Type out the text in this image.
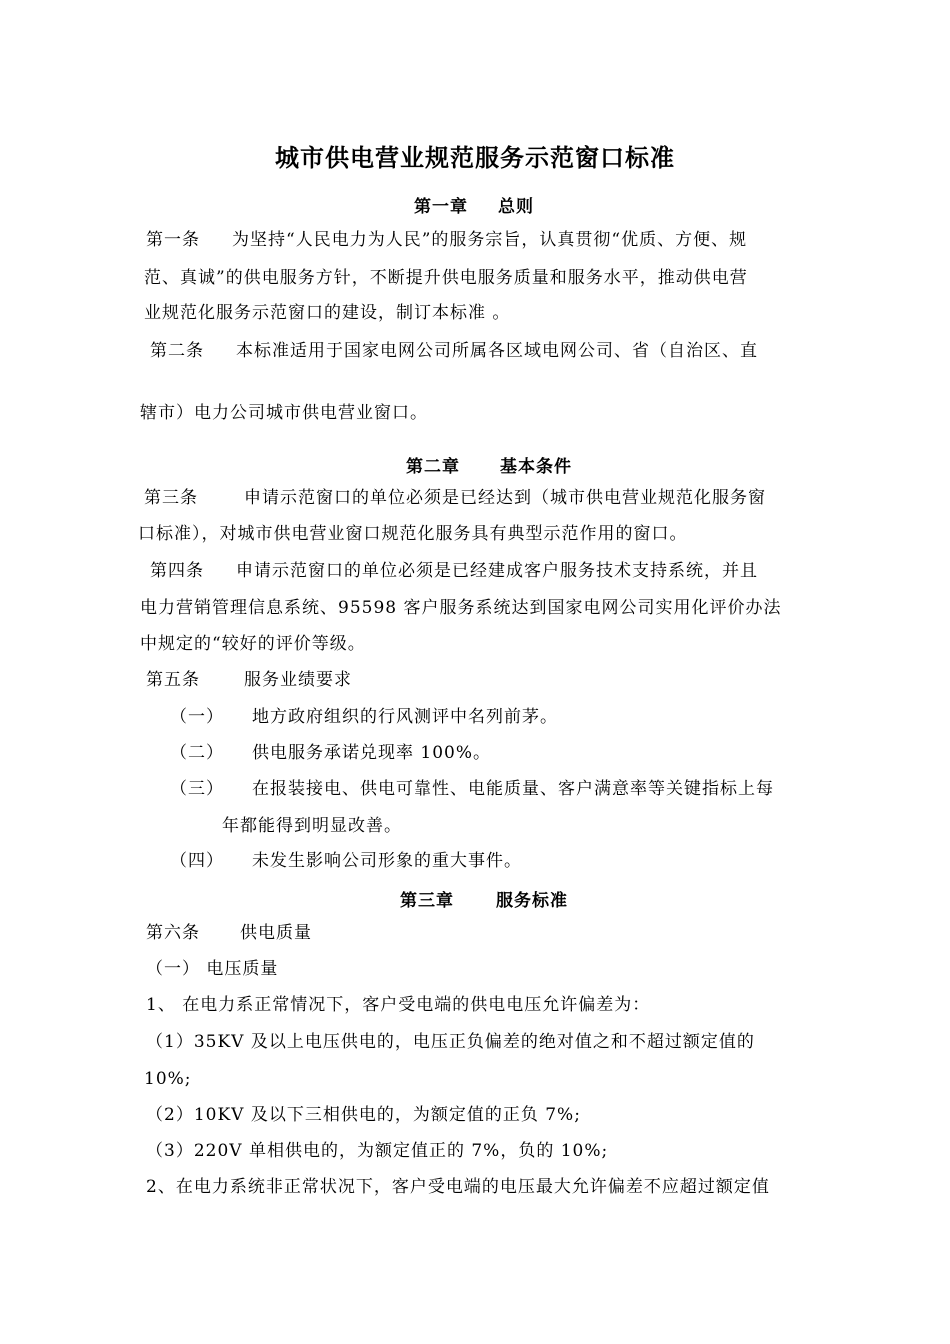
城市供电营业规范服务示范窗口标准
第一章 总则
第一条 为坚持“人民电力为人民”的服务宗旨，认真贯彻“优质、方便、规
范、真诚”的供电服务方针，不断提升供电服务质量和服务水平，推动供电营
业规范化服务示范窗口的建设，制订本标准 。
第二条 本标准适用于国家电网公司所属各区域电网公司、省（自治区、直
辖市）电力公司城市供电营业窗口。
第二章 基本条件
第三条	申请示范窗口的单位必须是已经达到（城市供电营业规范化服务窗
口标准），对城市供电营业窗口规范化服务具有典型示范作用的窗口。
第四条 申请示范窗口的单位必须是已经建成客户服务技术支持系统，并且
电力营销管理信息系统、95598 客户服务系统达到国家电网公司实用化评价办法
中规定的“较好的评价等级。
第五条	服务业绩要求
（一） 地方政府组织的行风测评中名列前茅。
（二） 供电服务承诺兑现率 100%。
（三） 在报装接电、供电可靠性、电能质量、客户满意率等关键指标上每
年都能得到明显改善。
（四） 未发生影响公司形象的重大事件。
第三章 服务标准
第六条 供电质量
（一） 电压质量
1、 在电力系正常情况下，客户受电端的供电电压允许偏差为：
（1）35KV 及以上电压供电的，电压正负偏差的绝对值之和不超过额定值的
10%;
（2）10KV 及以下三相供电的，为额定值的正负 7%;
（3）220V 单相供电的，为额定值正的 7%，负的 10%;
2、在电力系统非正常状况下，客户受电端的电压最大允许偏差不应超过额定值
